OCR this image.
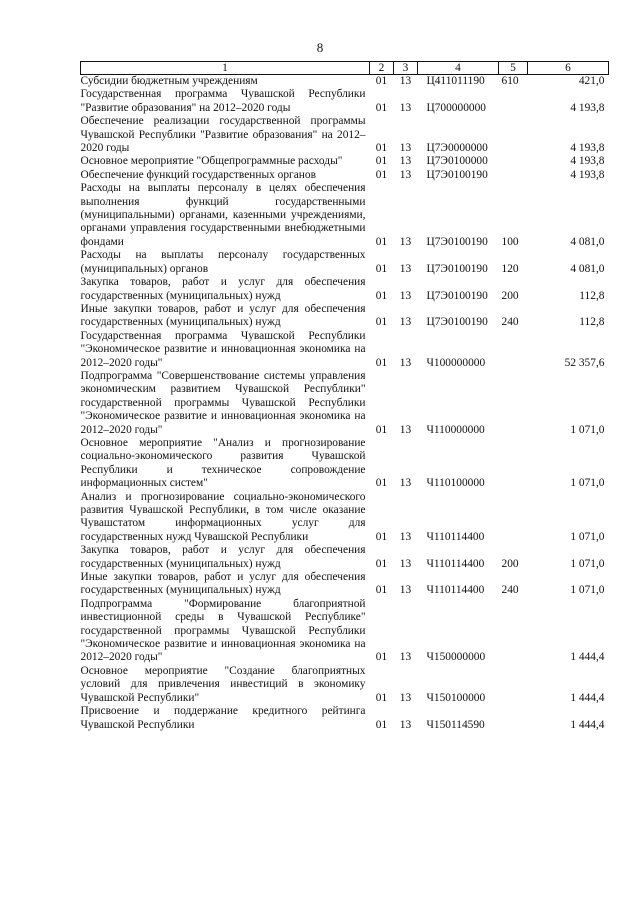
8
1	2	3	4	5	6
Субсидии бюджетным учреждениям	01	13	Ц411011190	610	421,0
Государственная программа Чувашской Республики "Развитие образования" на 2012–2020 годы	01	13	Ц700000000		4 193,8
Обеспечение реализации государственной программы Чувашской Республики "Развитие образования" на 2012–2020 годы	01	13	Ц7Э0000000		4 193,8
Основное мероприятие "Общепрограммные расходы"	01	13	Ц7Э0100000		4 193,8
Обеспечение функций государственных органов	01	13	Ц7Э0100190		4 193,8
Расходы на выплаты персоналу в целях обеспечения выполнения функций государственными (муниципальными) органами, казенными учреждениями, органами управления государственными внебюджетными фондами	01	13	Ц7Э0100190	100	4 081,0
Расходы на выплаты персоналу государственных (муниципальных) органов	01	13	Ц7Э0100190	120	4 081,0
Закупка товаров, работ и услуг для обеспечения государственных (муниципальных) нужд	01	13	Ц7Э0100190	200	112,8
Иные закупки товаров, работ и услуг для обеспечения государственных (муниципальных) нужд	01	13	Ц7Э0100190	240	112,8
Государственная программа Чувашской Республики "Экономическое развитие и инновационная экономика на 2012–2020 годы"	01	13	Ч100000000		52 357,6
Подпрограмма "Совершенствование системы управления экономическим развитием Чувашской Республики" государственной программы Чувашской Республики "Экономическое развитие и инновационная экономика на 2012–2020 годы"	01	13	Ч110000000		1 071,0
Основное мероприятие "Анализ и прогнозирование социально-экономического развития Чувашской Республики и техническое сопровождение информационных систем"	01	13	Ч110100000		1 071,0
Анализ и прогнозирование социально-экономического развития Чувашской Республики, в том числе оказание Чувашстатом информационных услуг для государственных нужд Чувашской Республики	01	13	Ч110114400		1 071,0
Закупка товаров, работ и услуг для обеспечения государственных (муниципальных) нужд	01	13	Ч110114400	200	1 071,0
Иные закупки товаров, работ и услуг для обеспечения государственных (муниципальных) нужд	01	13	Ч110114400	240	1 071,0
Подпрограмма "Формирование благоприятной инвестиционной среды в Чувашской Республике" государственной программы Чувашской Республики "Экономическое развитие и инновационная экономика на 2012–2020 годы"	01	13	Ч150000000		1 444,4
Основное мероприятие "Создание благоприятных условий для привлечения инвестиций в экономику Чувашской Республики"	01	13	Ч150100000		1 444,4
Присвоение и поддержание кредитного рейтинга Чувашской Республики	01	13	Ч150114590		1 444,4
